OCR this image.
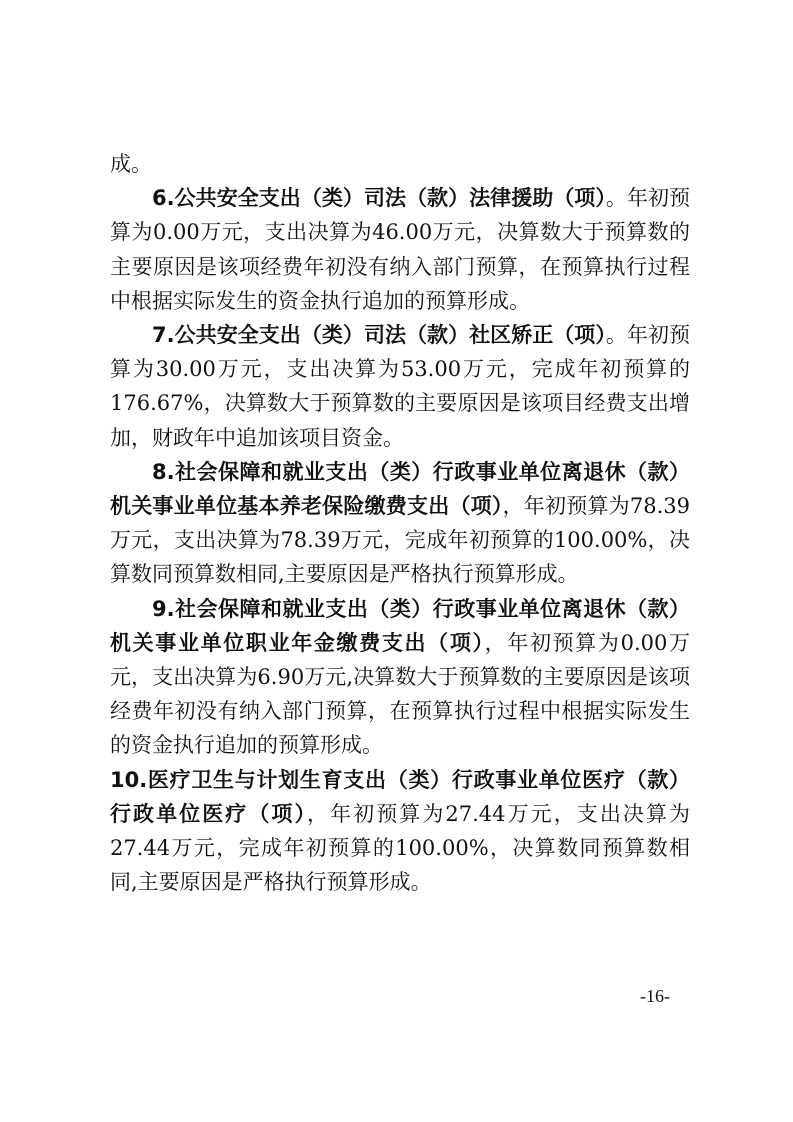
成。

6.公共安全支出（类）司法（款）法律援助（项）。年初预算为0.00万元，支出决算为46.00万元，决算数大于预算数的主要原因是该项经费年初没有纳入部门预算，在预算执行过程中根据实际发生的资金执行追加的预算形成。

7.公共安全支出（类）司法（款）社区矫正（项）。年初预算为30.00万元，支出决算为53.00万元，完成年初预算的176.67%，决算数大于预算数的主要原因是该项目经费支出增加，财政年中追加该项目资金。

8.社会保障和就业支出（类）行政事业单位离退休（款）机关事业单位基本养老保险缴费支出（项），年初预算为78.39万元，支出决算为78.39万元，完成年初预算的100.00%，决算数同预算数相同,主要原因是严格执行预算形成。

9.社会保障和就业支出（类）行政事业单位离退休（款）机关事业单位职业年金缴费支出（项），年初预算为0.00万元，支出决算为6.90万元,决算数大于预算数的主要原因是该项经费年初没有纳入部门预算，在预算执行过程中根据实际发生的资金执行追加的预算形成。

10.医疗卫生与计划生育支出（类）行政事业单位医疗（款）行政单位医疗（项），年初预算为27.44万元，支出决算为27.44万元，完成年初预算的100.00%，决算数同预算数相同,主要原因是严格执行预算形成。

-16-
